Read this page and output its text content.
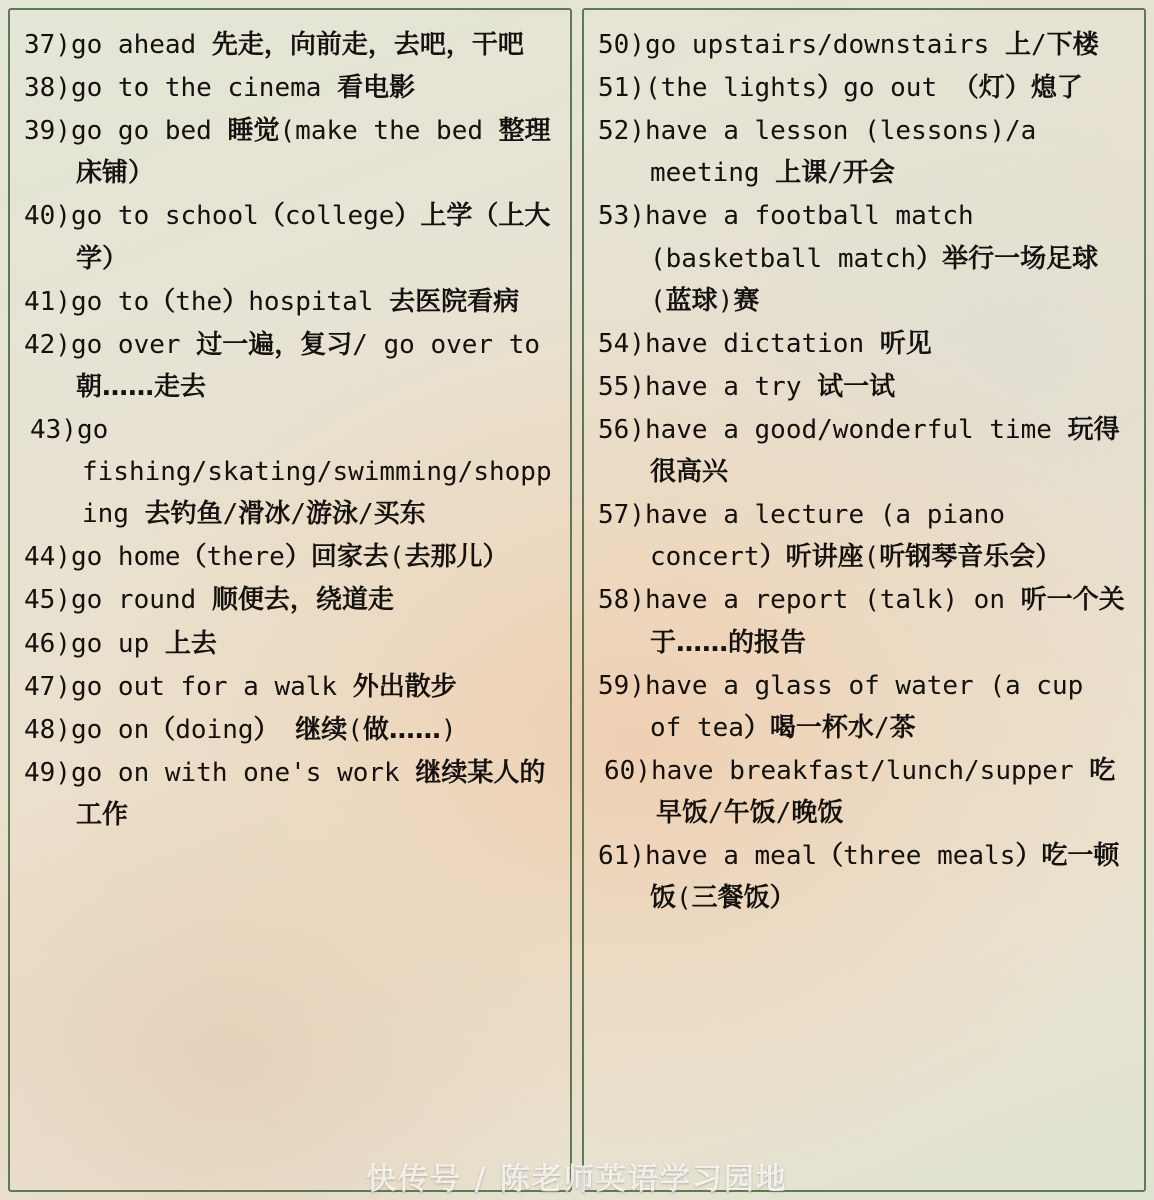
37)go ahead 先走，向前走，去吧，干吧
38)go to the cinema 看电影
39)go go bed 睡觉(make the bed 整理床铺）
40)go to school（college）上学（上大学）
41)go to（the）hospital 去医院看病
42)go over 过一遍，复习/ go over to 朝……走去
43)go fishing/skating/swimming/shopping 去钓鱼/滑冰/游泳/买东
44)go home（there）回家去(去那儿）
45)go round 顺便去，绕道走
46)go up 上去
47)go out for a walk 外出散步
48)go on（doing） 继续(做……)
49)go on with one's work 继续某人的工作
50)go upstairs/downstairs 上/下楼
51)(the lights）go out （灯）熄了
52)have a lesson (lessons)/a meeting 上课/开会
53)have a football match (basketball match）举行一场足球(蓝球)赛
54)have dictation 听见
55)have a try 试一试
56)have a good/wonderful time 玩得很高兴
57)have a lecture (a piano concert）听讲座(听钢琴音乐会）
58)have a report (talk) on 听一个关于……的报告
59)have a glass of water (a cup of tea）喝一杯水/茶
60)have breakfast/lunch/supper 吃早饭/午饭/晚饭
61)have a meal（three meals）吃一顿饭(三餐饭）
快传号 / 陈老师英语学习园地
